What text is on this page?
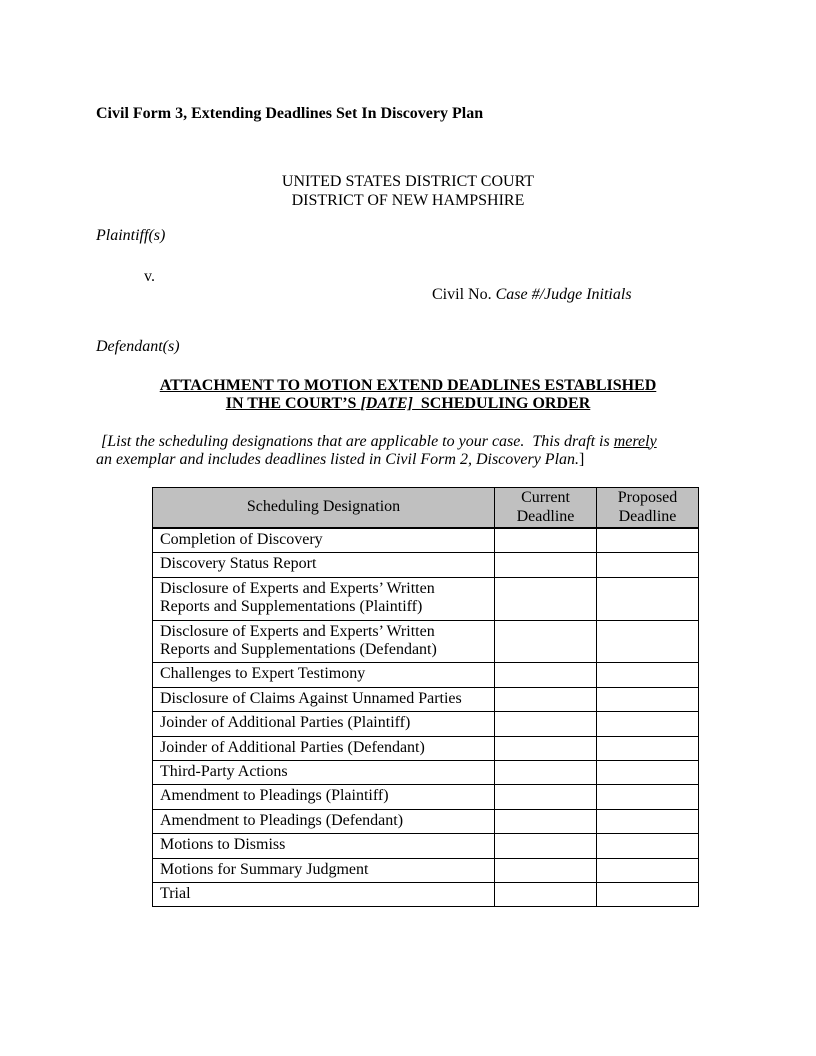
Civil Form 3, Extending Deadlines Set In Discovery Plan
UNITED STATES DISTRICT COURT
DISTRICT OF NEW HAMPSHIRE
Plaintiff(s)
v.
Civil No. Case #/Judge Initials
Defendant(s)
ATTACHMENT TO MOTION EXTEND DEADLINES ESTABLISHED
IN THE COURT’S [DATE]  SCHEDULING ORDER

[List the scheduling designations that are applicable to your case.  This draft is merely an exemplar and includes deadlines listed in Civil Form 2, Discovery Plan.]

Scheduling Designation	Current Deadline	Proposed Deadline
Completion of Discovery		
Discovery Status Report		
Disclosure of Experts and Experts’ Written Reports and Supplementations (Plaintiff)		
Disclosure of Experts and Experts’ Written Reports and Supplementations (Defendant)		
Challenges to Expert Testimony		
Disclosure of Claims Against Unnamed Parties		
Joinder of Additional Parties (Plaintiff)		
Joinder of Additional Parties (Defendant)		
Third-Party Actions		
Amendment to Pleadings (Plaintiff)		
Amendment to Pleadings (Defendant)		
Motions to Dismiss		
Motions for Summary Judgment		
Trial		
